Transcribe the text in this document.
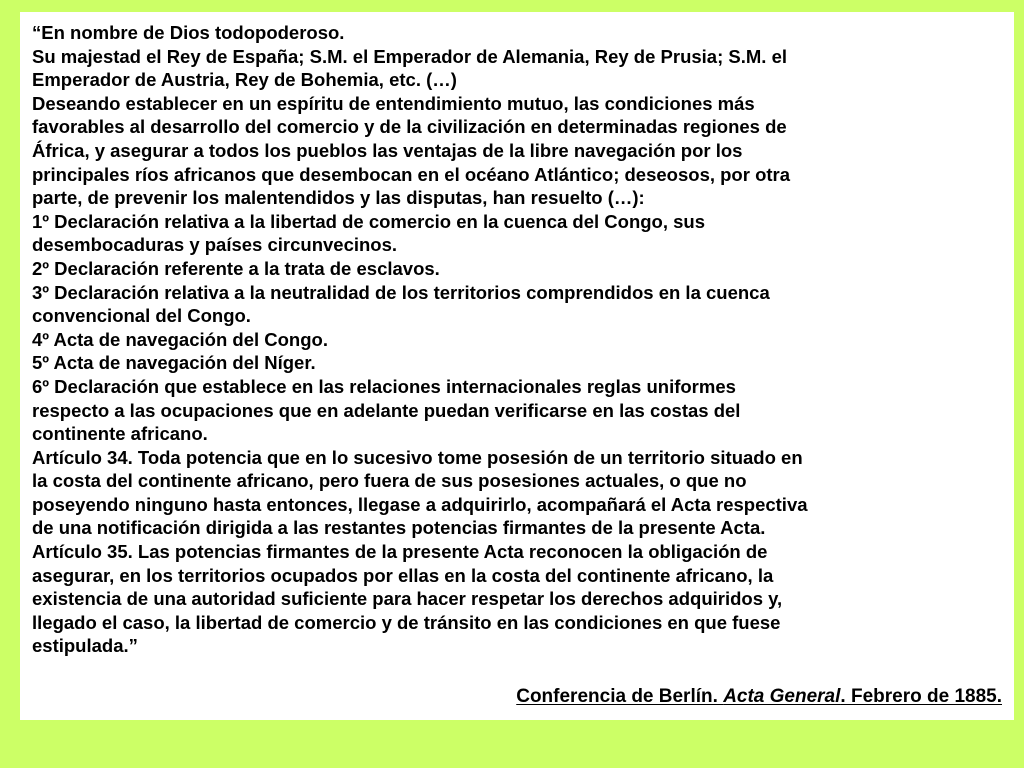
“En nombre de Dios todopoderoso.
Su majestad el Rey de España; S.M. el Emperador de Alemania, Rey de Prusia; S.M. el
Emperador de Austria, Rey de Bohemia, etc. (…)
Deseando establecer en un espíritu de entendimiento mutuo, las condiciones más
favorables al desarrollo del comercio y de la civilización en determinadas regiones de
África, y asegurar a todos los pueblos las ventajas de la libre navegación por los
principales ríos africanos que desembocan en el océano Atlántico; deseosos, por otra
parte, de prevenir los malentendidos y las disputas, han resuelto (…):
1º Declaración relativa a la libertad de comercio en la cuenca del Congo, sus
desembocaduras y países circunvecinos.
2º Declaración referente a la trata de esclavos.
3º Declaración relativa a la neutralidad de los territorios comprendidos en la cuenca
convencional del Congo.
4º Acta de navegación del Congo.
5º Acta de navegación del Níger.
6º Declaración que establece en las relaciones internacionales reglas uniformes
respecto a las ocupaciones que en adelante puedan verificarse en las costas del
continente africano.
Artículo 34. Toda potencia que en lo sucesivo tome posesión de un territorio situado en
la costa del continente africano, pero fuera de sus posesiones actuales, o que no
poseyendo ninguno hasta entonces, llegase a adquirirlo, acompañará el Acta respectiva
de una notificación dirigida a las restantes potencias firmantes de la presente Acta.
Artículo 35. Las potencias firmantes de la presente Acta reconocen la obligación de
asegurar, en los territorios ocupados por ellas en la costa del continente africano, la
existencia de una autoridad suficiente para hacer respetar los derechos adquiridos y,
llegado el caso, la libertad de comercio y de tránsito en las condiciones en que fuese
estipulada.”
Conferencia de Berlín. Acta General. Febrero de 1885.
